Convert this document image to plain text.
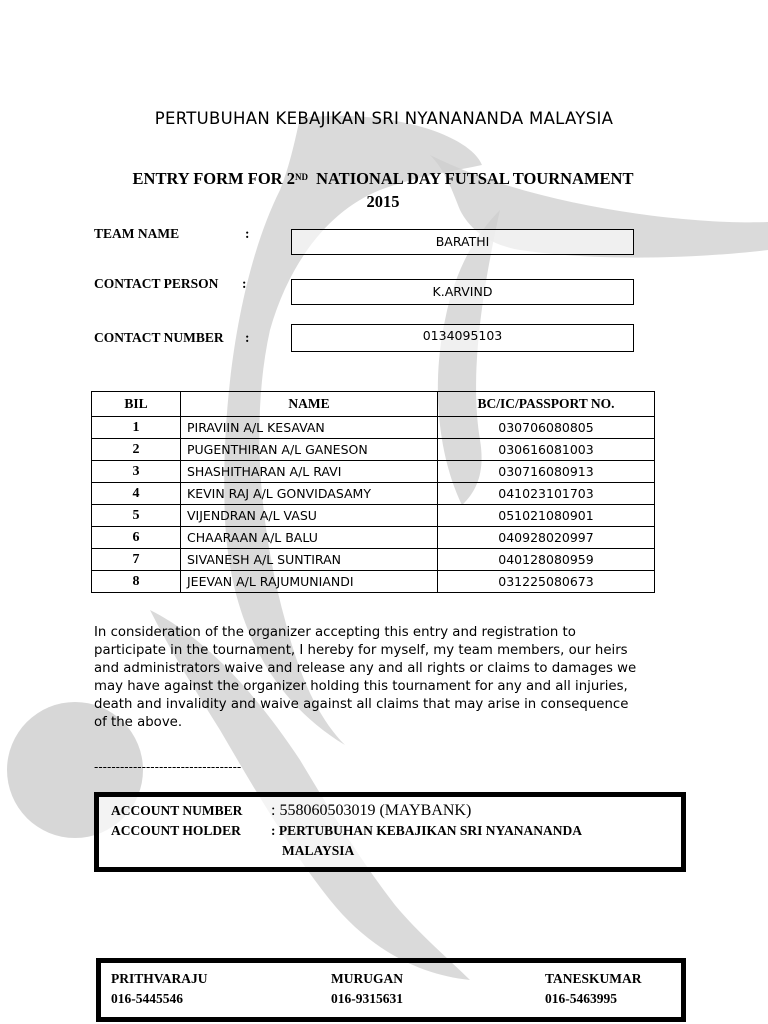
PERTUBUHAN KEBAJIKAN SRI NYANANANDA MALAYSIA
ENTRY FORM FOR 2ND NATIONAL DAY FUTSAL TOURNAMENT
2015
TEAM NAME	:
BARATHI
CONTACT PERSON :
K.ARVIND
CONTACT NUMBER :	0134095103
BIL	NAME	BC/IC/PASSPORT NO.
1	PIRAVIIN A/L KESAVAN	030706080805
2	PUGENTHIRAN A/L GANESON	030616081003
3	SHASHITHARAN A/L RAVI	030716080913
4	KEVIN RAJ A/L GONVIDASAMY	041023101703
5	VIJENDRAN A/L VASU	051021080901
6	CHAARAAN A/L BALU	040928020997
7	SIVANESH A/L SUNTIRAN	040128080959
8	JEEVAN A/L RAJUMUNIANDI	031225080673
In consideration of the organizer accepting this entry and registration to
participate in the tournament, I hereby for myself, my team members, our heirs
and administrators waive and release any and all rights or claims to damages we
may have against the organizer holding this tournament for any and all injuries,
death and invalidity and waive against all claims that may arise in consequence
of the above.
----------------------------------
ACCOUNT NUMBER : 558060503019 (MAYBANK)
ACCOUNT HOLDER : PERTUBUHAN KEBAJIKAN SRI NYANANANDA
MALAYSIA
PRITHVARAJU
016-5445546
MURUGAN
016-9315631
TANESKUMAR
016-5463995
